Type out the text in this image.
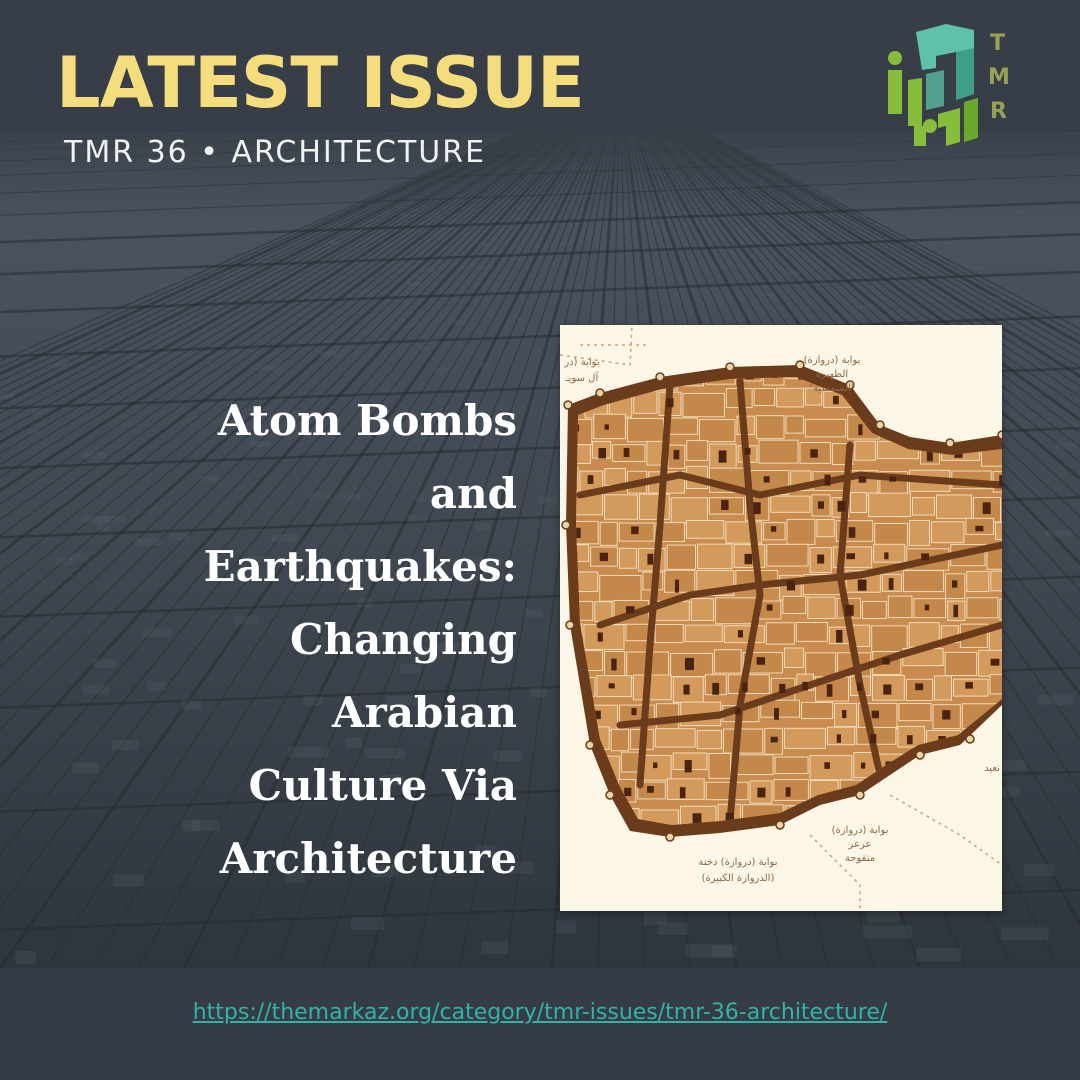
LATEST ISSUE
TMR 36 • ARCHITECTURE
T
M
R
Atom Bombs
and
Earthquakes:
Changing
Arabian
Culture Via
Architecture
بوابة (دروازة)
الظهيرة
"الشمسية"
بوابة (در
آل سويـ
بوابة (دروازة) دخنة
(الدروازة الكبيرة)
بوابة (دروازة)
عرعر
منفوحة
نعيد
https://themarkaz.org/category/tmr-issues/tmr-36-architecture/
